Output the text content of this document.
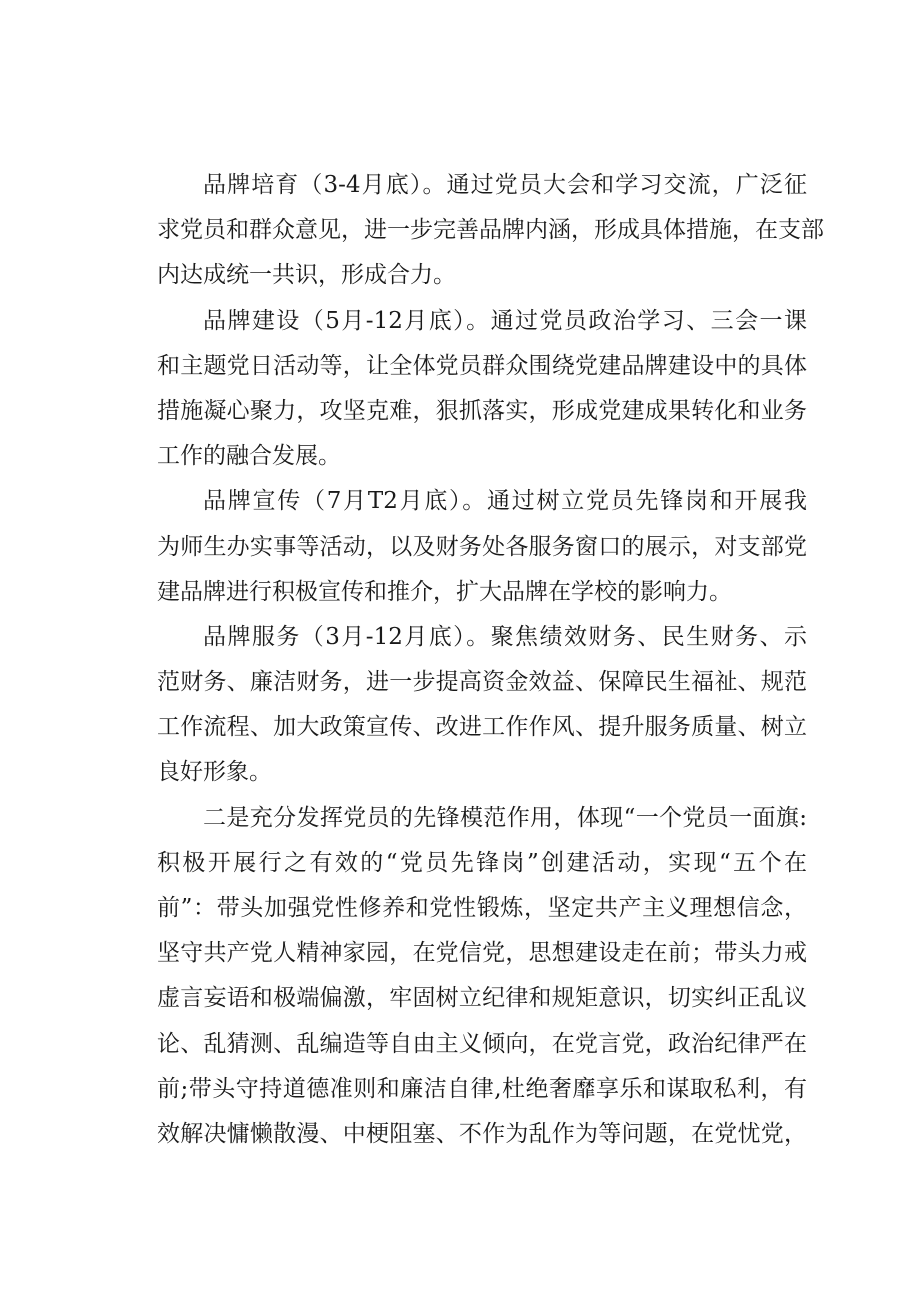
品牌培育（3-4月底）。通过党员大会和学习交流，广泛征
求党员和群众意见，进一步完善品牌内涵，形成具体措施，在支部
内达成统一共识，形成合力。
品牌建设（5月-12月底）。通过党员政治学习、三会一课
和主题党日活动等，让全体党员群众围绕党建品牌建设中的具体
措施凝心聚力，攻坚克难，狠抓落实，形成党建成果转化和业务
工作的融合发展。
品牌宣传（7月T2月底）。通过树立党员先锋岗和开展我
为师生办实事等活动，以及财务处各服务窗口的展示，对支部党
建品牌进行积极宣传和推介，扩大品牌在学校的影响力。
品牌服务（3月-12月底）。聚焦绩效财务、民生财务、示
范财务、廉洁财务，进一步提高资金效益、保障民生福祉、规范
工作流程、加大政策宣传、改进工作作风、提升服务质量、树立
良好形象。
二是充分发挥党员的先锋模范作用，体现“一个党员一面旗:
积极开展行之有效的“党员先锋岗”创建活动，实现“五个在
前”：带头加强党性修养和党性锻炼，坚定共产主义理想信念，
坚守共产党人精神家园，在党信党，思想建设走在前；带头力戒
虚言妄语和极端偏激，牢固树立纪律和规矩意识，切实纠正乱议
论、乱猜测、乱编造等自由主义倾向，在党言党，政治纪律严在
前;带头守持道德准则和廉洁自律,杜绝奢靡享乐和谋取私利，有
效解决慵懒散漫、中梗阻塞、不作为乱作为等问题，在党忧党，
